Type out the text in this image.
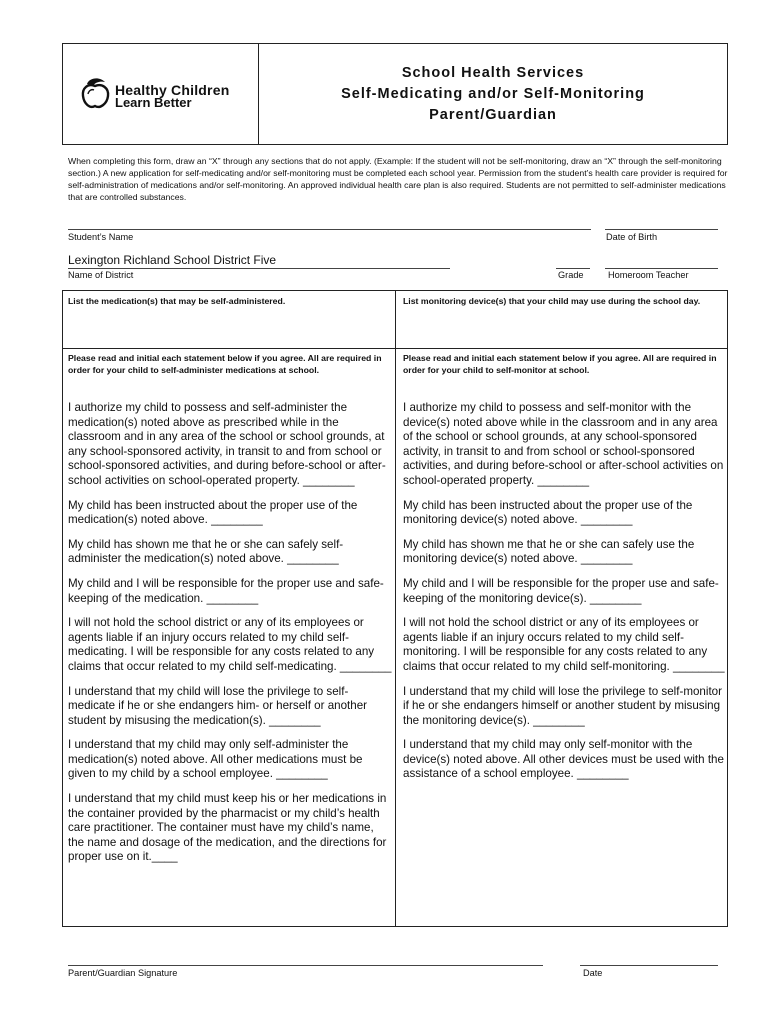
Healthy Children
Learn Better
School Health Services
Self-Medicating and/or Self-Monitoring
Parent/Guardian
When completing this form, draw an “X” through any sections that do not apply. (Example: If the student will not be self-monitoring, draw an “X” through the self-monitoring section.) A new application for self-medicating and/or self-monitoring must be completed each school year. Permission from the student’s health care provider is required for self-administration of medications and/or self-monitoring. An approved individual health care plan is also required. Students are not permitted to self-administer medications that are controlled substances.
Student’s Name	Date of Birth
Lexington Richland School District Five
Name of District	Grade	Homeroom Teacher
List the medication(s) that may be self-administered.	List monitoring device(s) that your child may use during the school day.
Please read and initial each statement below if you agree. All are required in order for your child to self-administer medications at school.
Please read and initial each statement below if you agree. All are required in order for your child to self-monitor at school.

I authorize my child to possess and self-administer the medication(s) noted above as prescribed while in the classroom and in any area of the school or school grounds, at any school-sponsored activity, in transit to and from school or school-sponsored activities, and during before-school or after-school activities on school-operated property. ________

My child has been instructed about the proper use of the medication(s) noted above. ________

My child has shown me that he or she can safely self-administer the medication(s) noted above. ________

My child and I will be responsible for the proper use and safe-keeping of the medication. ________

I will not hold the school district or any of its employees or agents liable if an injury occurs related to my child self-medicating. I will be responsible for any costs related to any claims that occur related to my child self-medicating. ________

I understand that my child will lose the privilege to self-medicate if he or she endangers him- or herself or another student by misusing the medication(s). ________

I understand that my child may only self-administer the medication(s) noted above. All other medications must be given to my child by a school employee. ________

I understand that my child must keep his or her medications in the container provided by the pharmacist or my child’s health care practitioner. The container must have my child’s name, the name and dosage of the medication, and the directions for proper use on it.____

I authorize my child to possess and self-monitor with the device(s) noted above while in the classroom and in any area of the school or school grounds, at any school-sponsored activity, in transit to and from school or school-sponsored activities, and during before-school or after-school activities on school-operated property. ________

My child has been instructed about the proper use of the monitoring device(s) noted above. ________

My child has shown me that he or she can safely use the monitoring device(s) noted above. ________

My child and I will be responsible for the proper use and safe-keeping of the monitoring device(s). ________

I will not hold the school district or any of its employees or agents liable if an injury occurs related to my child self-monitoring. I will be responsible for any costs related to any claims that occur related to my child self-monitoring. ________

I understand that my child will lose the privilege to self-monitor if he or she endangers himself or another student by misusing the monitoring device(s). ________

I understand that my child may only self-monitor with the device(s) noted above. All other devices must be used with the assistance of a school employee. ________

Parent/Guardian Signature	Date
